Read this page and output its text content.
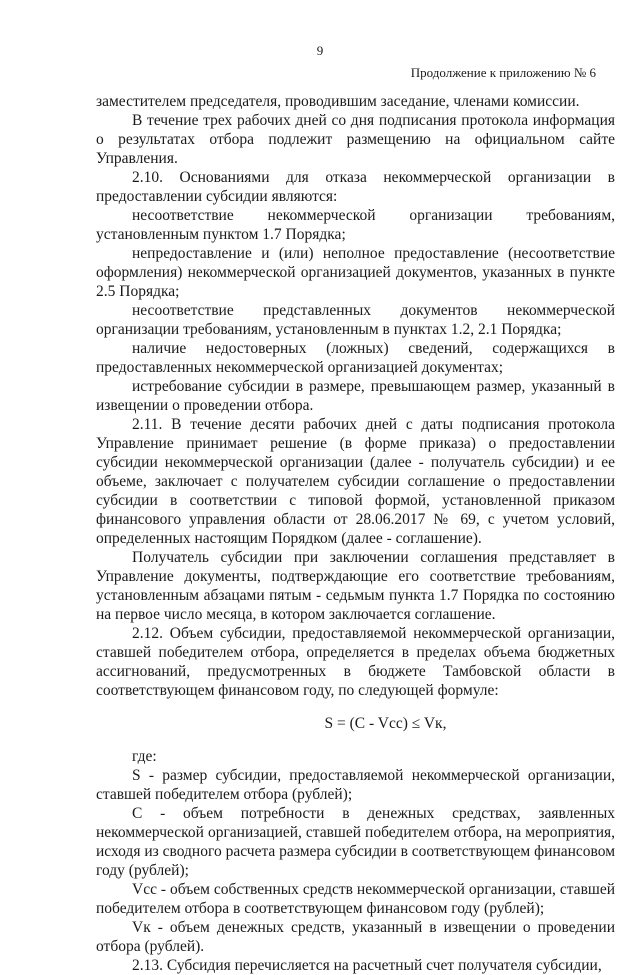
9
Продолжение к приложению № 6

заместителем председателя, проводившим заседание, членами комиссии.

В течение трех рабочих дней со дня подписания протокола информация о результатах отбора подлежит размещению на официальном сайте Управления.

2.10. Основаниями для отказа некоммерческой организации в предоставлении субсидии являются:

несоответствие некоммерческой организации требованиям, установленным пунктом 1.7 Порядка;

непредоставление и (или) неполное предоставление (несоответствие оформления) некоммерческой организацией документов, указанных в пункте 2.5 Порядка;

несоответствие представленных документов некоммерческой организации требованиям, установленным в пунктах 1.2, 2.1 Порядка;

наличие недостоверных (ложных) сведений, содержащихся в предоставленных некоммерческой организацией документах;

истребование субсидии в размере, превышающем размер, указанный в извещении о проведении отбора.

2.11. В течение десяти рабочих дней с даты подписания протокола Управление принимает решение (в форме приказа) о предоставлении субсидии некоммерческой организации (далее - получатель субсидии) и ее объеме, заключает с получателем субсидии соглашение о предоставлении субсидии в соответствии с типовой формой, установленной приказом финансового управления области от 28.06.2017 № 69, с учетом условий, определенных настоящим Порядком (далее - соглашение).

Получатель субсидии при заключении соглашения представляет в Управление документы, подтверждающие его соответствие требованиям, установленным абзацами пятым - седьмым пункта 1.7 Порядка по состоянию на первое число месяца, в котором заключается соглашение.

2.12. Объем субсидии, предоставляемой некоммерческой организации, ставшей победителем отбора, определяется в пределах объема бюджетных ассигнований, предусмотренных в бюджете Тамбовской области в соответствующем финансовом году, по следующей формуле:

S = (C - Vсс) ≤ Vк,

где:

S - размер субсидии, предоставляемой некоммерческой организации, ставшей победителем отбора (рублей);

C - объем потребности в денежных средствах, заявленных некоммерческой организацией, ставшей победителем отбора, на мероприятия, исходя из сводного расчета размера субсидии в соответствующем финансовом году (рублей);

Vсс - объем собственных средств некоммерческой организации, ставшей победителем отбора в соответствующем финансовом году (рублей);

Vк - объем денежных средств, указанный в извещении о проведении отбора (рублей).

2.13. Субсидия перечисляется на расчетный счет получателя субсидии,
